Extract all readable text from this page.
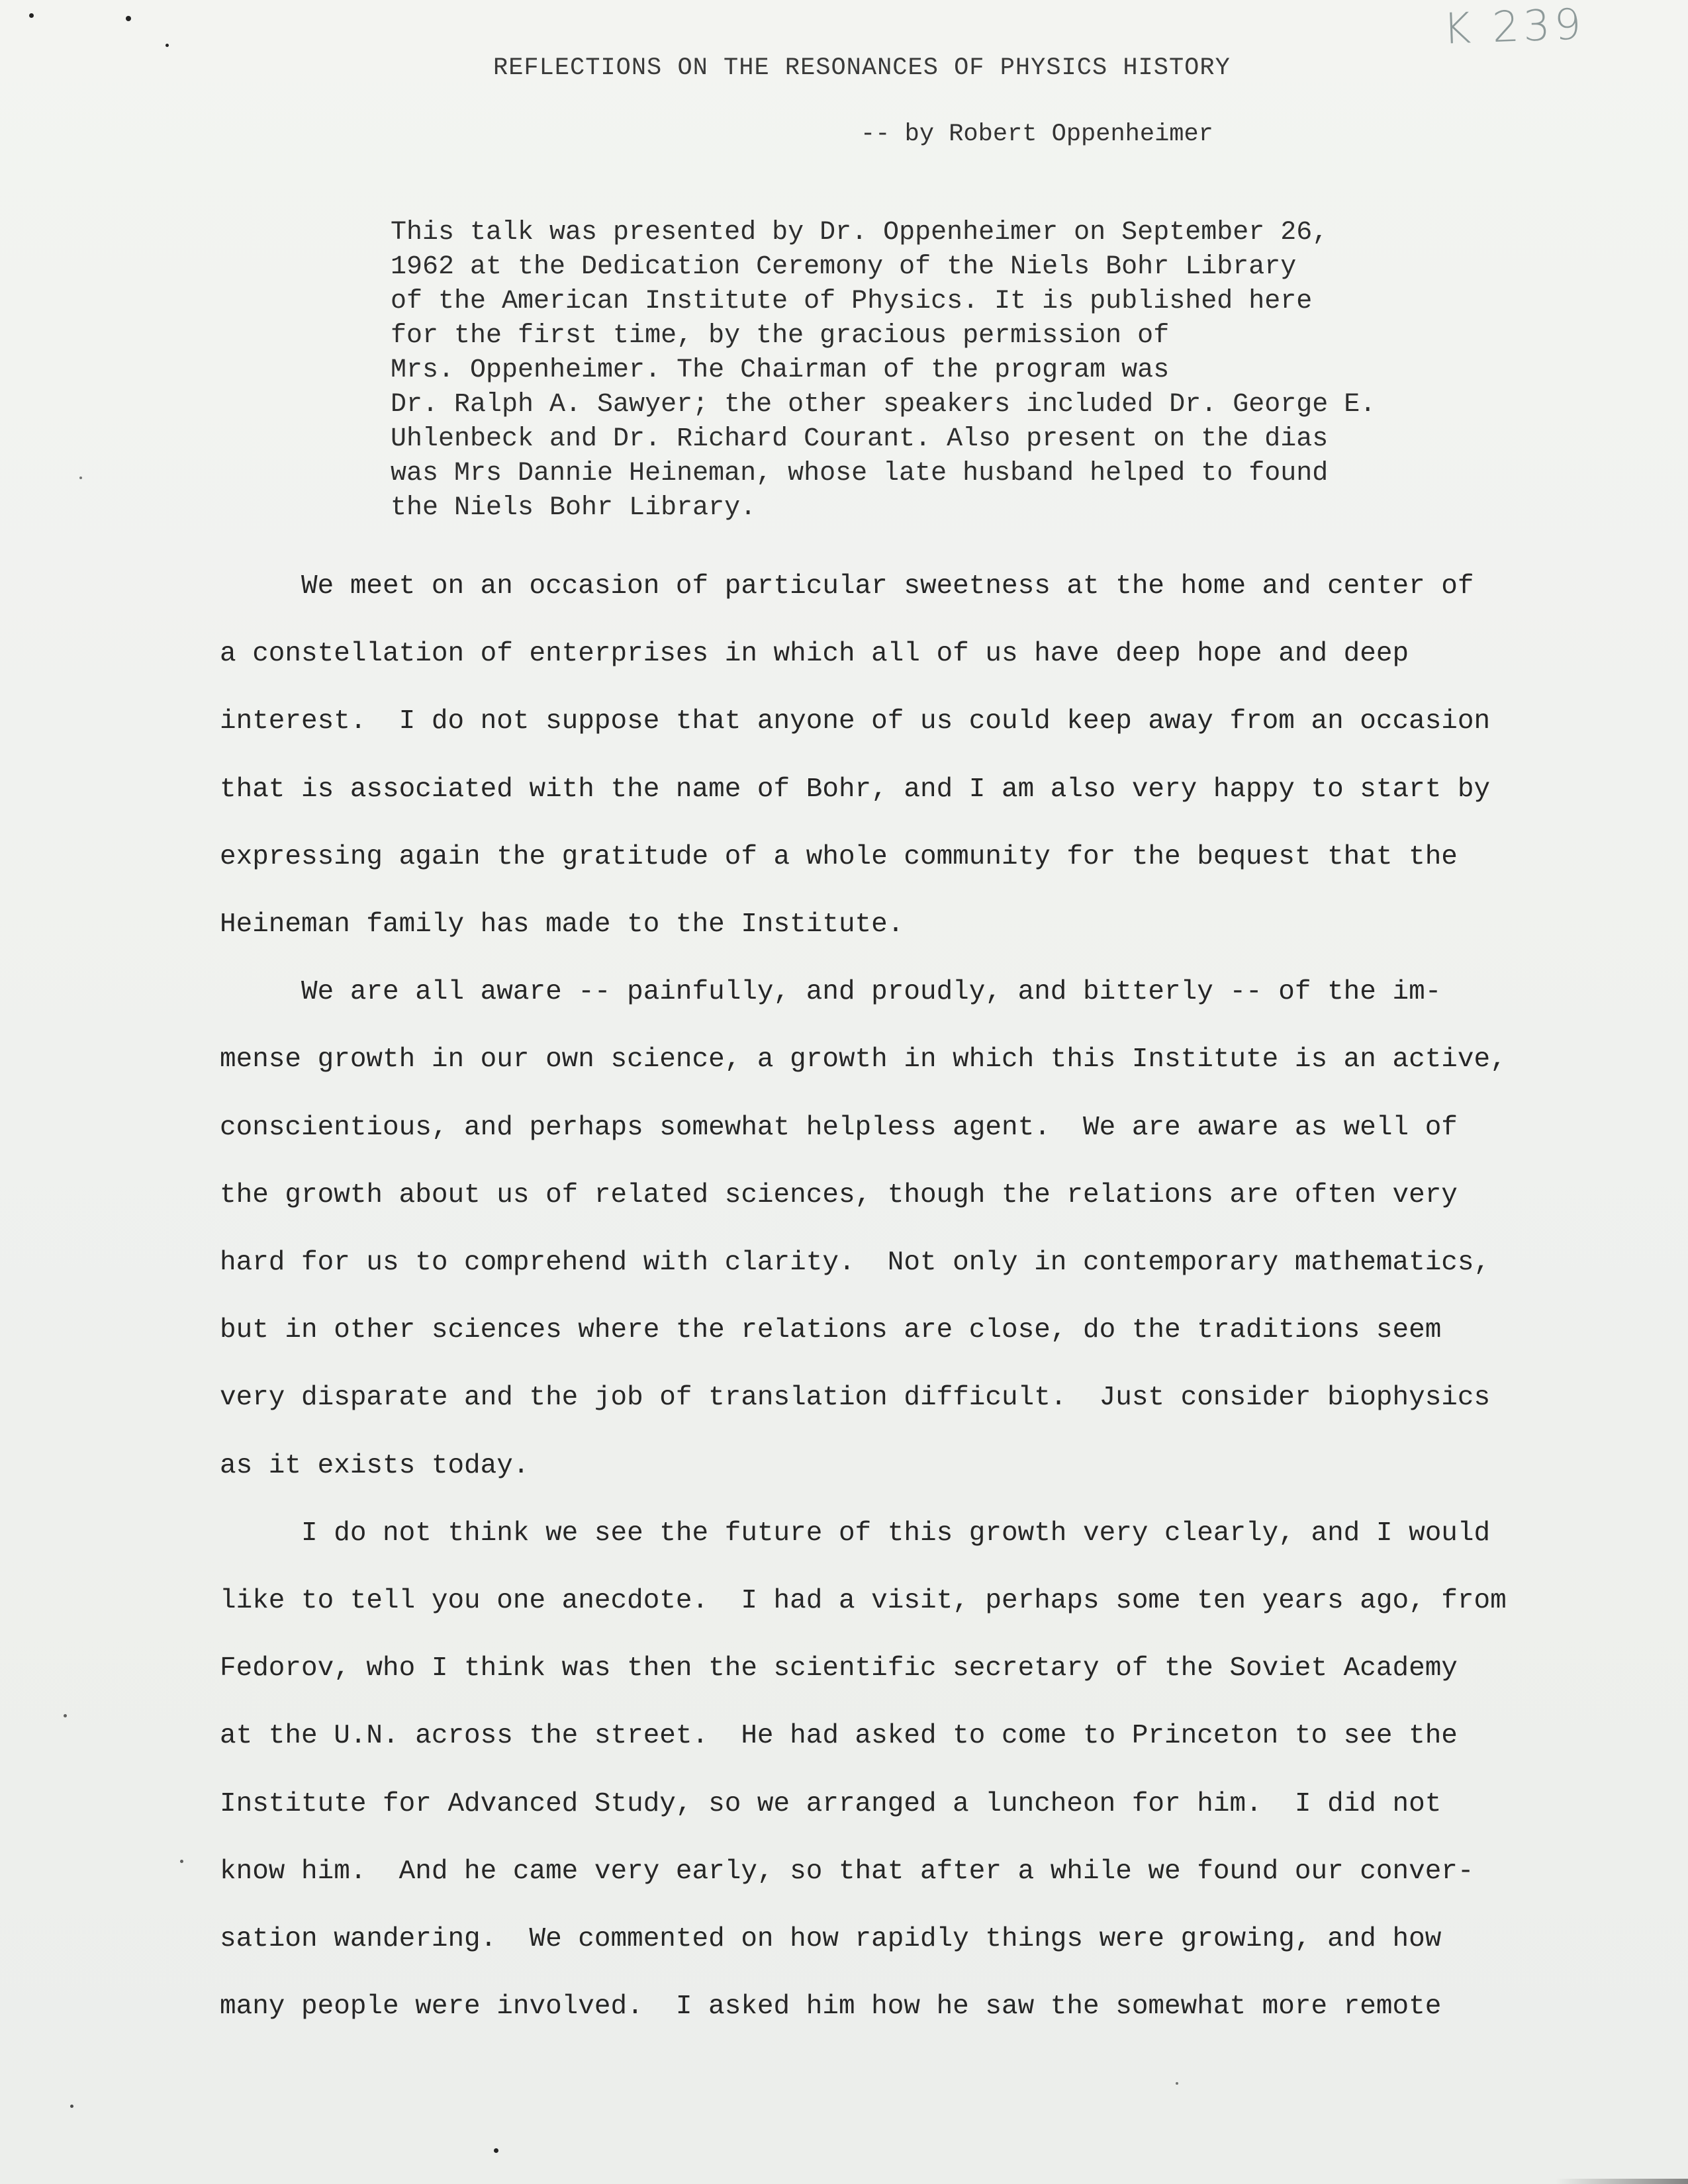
K 239
REFLECTIONS ON THE RESONANCES OF PHYSICS HISTORY
-- by Robert Oppenheimer
This talk was presented by Dr. Oppenheimer on September 26,
1962 at the Dedication Ceremony of the Niels Bohr Library
of the American Institute of Physics. It is published here
for the first time, by the gracious permission of
Mrs. Oppenheimer. The Chairman of the program was
Dr. Ralph A. Sawyer; the other speakers included Dr. George E.
Uhlenbeck and Dr. Richard Courant. Also present on the dias
was Mrs Dannie Heineman, whose late husband helped to found
the Niels Bohr Library.
We meet on an occasion of particular sweetness at the home and center of
a constellation of enterprises in which all of us have deep hope and deep
interest.  I do not suppose that anyone of us could keep away from an occasion
that is associated with the name of Bohr, and I am also very happy to start by
expressing again the gratitude of a whole community for the bequest that the
Heineman family has made to the Institute.
We are all aware -- painfully, and proudly, and bitterly -- of the im-
mense growth in our own science, a growth in which this Institute is an active,
conscientious, and perhaps somewhat helpless agent.  We are aware as well of
the growth about us of related sciences, though the relations are often very
hard for us to comprehend with clarity.  Not only in contemporary mathematics,
but in other sciences where the relations are close, do the traditions seem
very disparate and the job of translation difficult.  Just consider biophysics
as it exists today.
I do not think we see the future of this growth very clearly, and I would
like to tell you one anecdote.  I had a visit, perhaps some ten years ago, from
Fedorov, who I think was then the scientific secretary of the Soviet Academy
at the U.N. across the street.  He had asked to come to Princeton to see the
Institute for Advanced Study, so we arranged a luncheon for him.  I did not
know him.  And he came very early, so that after a while we found our conver-
sation wandering.  We commented on how rapidly things were growing, and how
many people were involved.  I asked him how he saw the somewhat more remote
